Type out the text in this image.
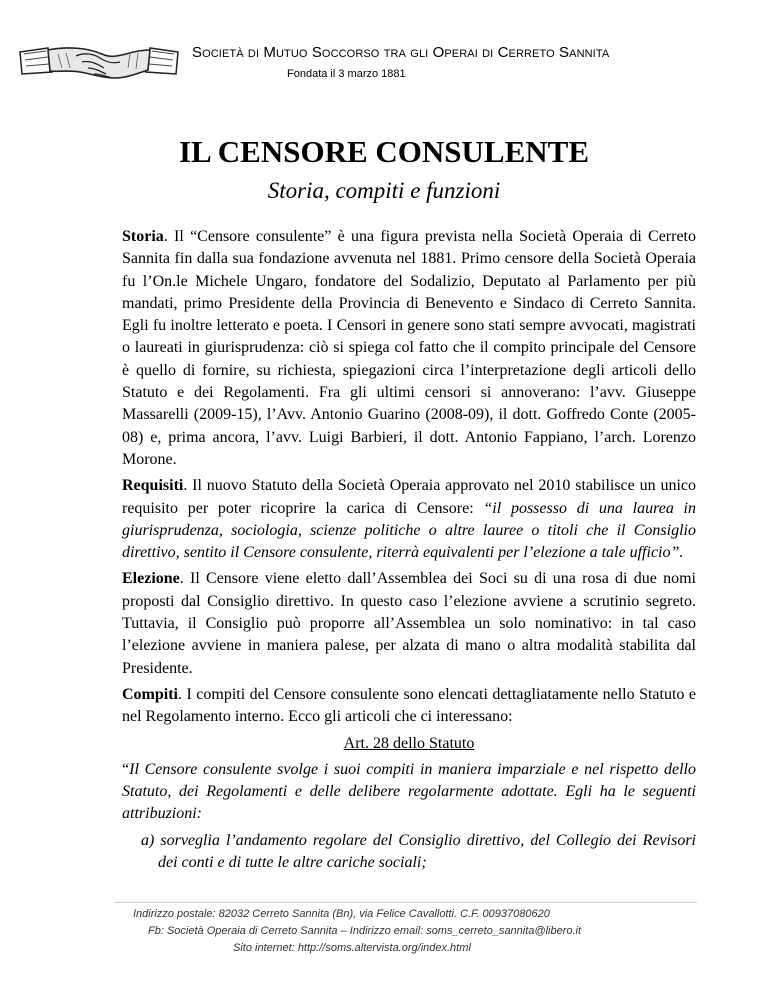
Società di Mutuo Soccorso tra gli Operai di Cerreto Sannita
Fondata il 3 marzo 1881
IL CENSORE CONSULENTE
Storia, compiti e funzioni

Storia. Il “Censore consulente” è una figura prevista nella Società Operaia di Cerreto Sannita fin dalla sua fondazione avvenuta nel 1881. Primo censore della Società Operaia fu l’On.le Michele Ungaro, fondatore del Sodalizio, Deputato al Parlamento per più mandati, primo Presidente della Provincia di Benevento e Sindaco di Cerreto Sannita. Egli fu inoltre letterato e poeta. I Censori in genere sono stati sempre avvocati, magistrati o laureati in giurisprudenza: ciò si spiega col fatto che il compito principale del Censore è quello di fornire, su richiesta, spiegazioni circa l’interpretazione degli articoli dello Statuto e dei Regolamenti. Fra gli ultimi censori si annoverano: l’avv. Giuseppe Massarelli (2009-15), l’Avv. Antonio Guarino (2008-09), il dott. Goffredo Conte (2005-08) e, prima ancora, l’avv. Luigi Barbieri, il dott. Antonio Fappiano, l’arch. Lorenzo Morone.

Requisiti. Il nuovo Statuto della Società Operaia approvato nel 2010 stabilisce un unico requisito per poter ricoprire la carica di Censore: “il possesso di una laurea in giurisprudenza, sociologia, scienze politiche o altre lauree o titoli che il Consiglio direttivo, sentito il Censore consulente, riterrà equivalenti per l’elezione a tale ufficio”.

Elezione. Il Censore viene eletto dall’Assemblea dei Soci su di una rosa di due nomi proposti dal Consiglio direttivo. In questo caso l’elezione avviene a scrutinio segreto. Tuttavia, il Consiglio può proporre all’Assemblea un solo nominativo: in tal caso l’elezione avviene in maniera palese, per alzata di mano o altra modalità stabilita dal Presidente.

Compiti. I compiti del Censore consulente sono elencati dettagliatamente nello Statuto e nel Regolamento interno. Ecco gli articoli che ci interessano:

Art. 28 dello Statuto

“Il Censore consulente svolge i suoi compiti in maniera imparziale e nel rispetto dello Statuto, dei Regolamenti e delle delibere regolarmente adottate. Egli ha le seguenti attribuzioni:

a) sorveglia l’andamento regolare del Consiglio direttivo, del Collegio dei Revisori dei conti e di tutte le altre cariche sociali;

Indirizzo postale: 82032 Cerreto Sannita (Bn), via Felice Cavallotti. C.F. 00937080620
Fb: Società Operaia di Cerreto Sannita – Indirizzo email: soms_cerreto_sannita@libero.it
Sito internet: http://soms.altervista.org/index.html
